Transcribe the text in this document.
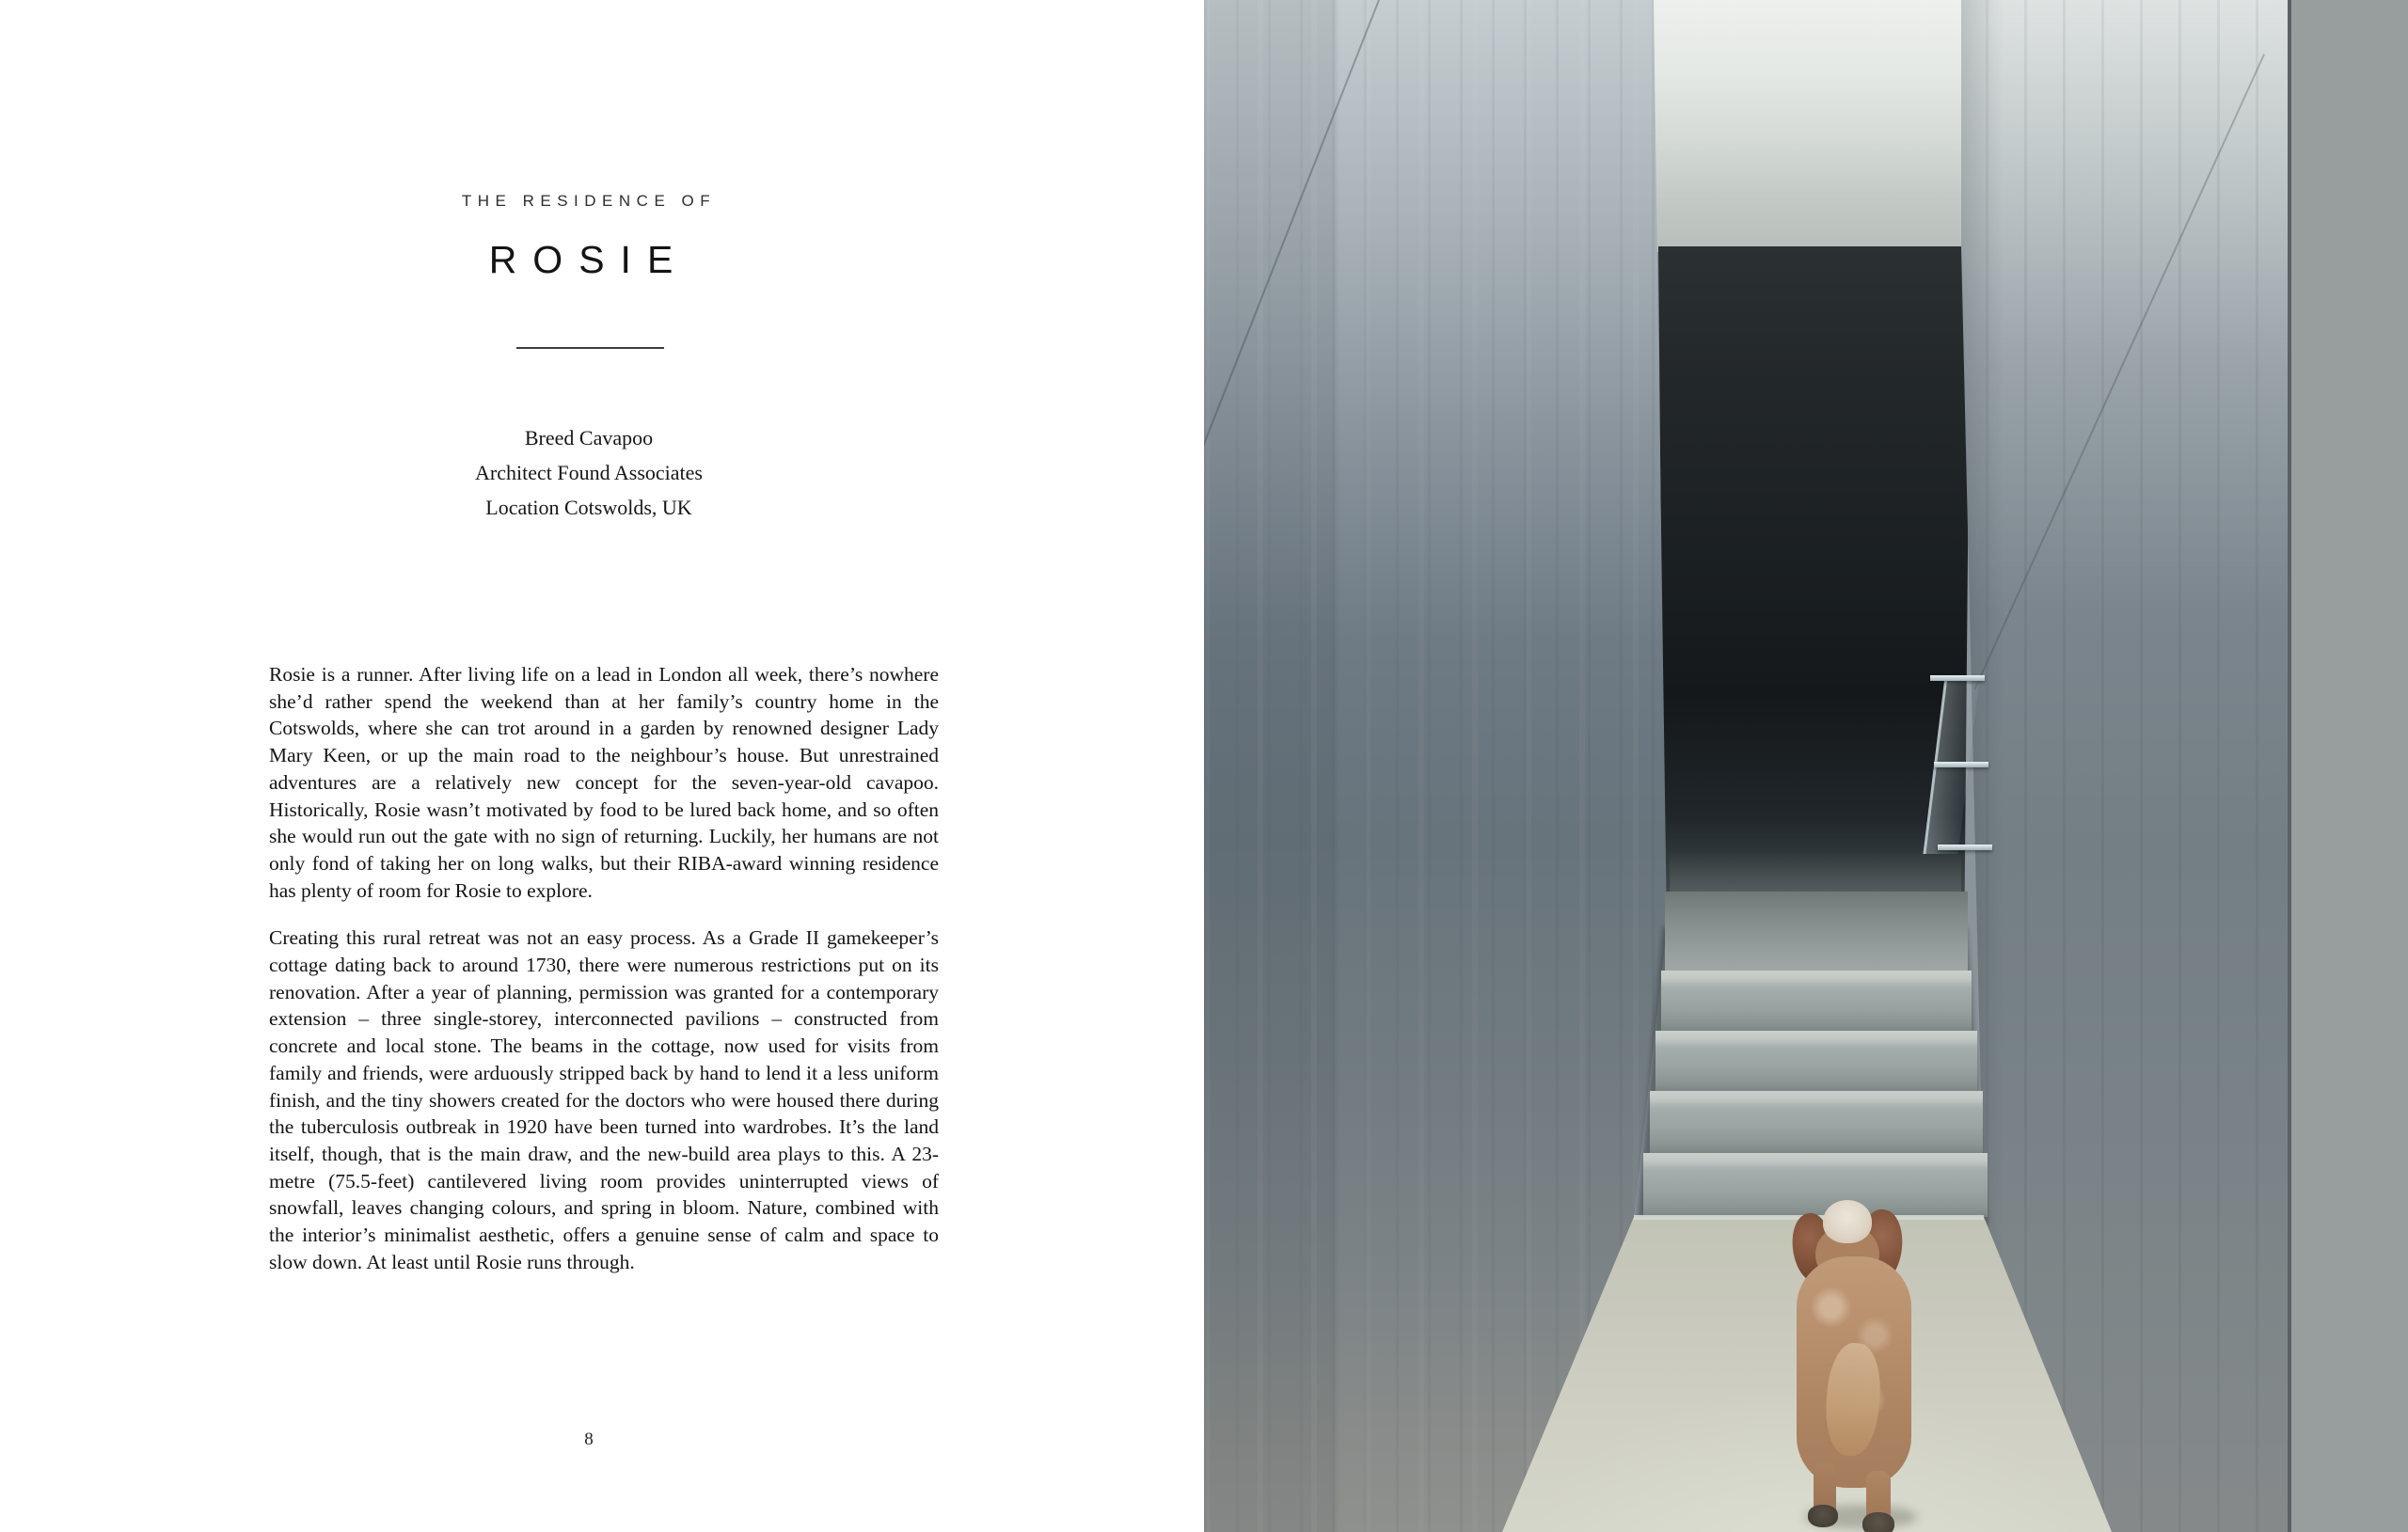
THE RESIDENCE OF
ROSIE
Breed Cavapoo
Architect Found Associates
Location Cotswolds, UK

Rosie is a runner. After living life on a lead in London all week, there’s nowhere she’d rather spend the weekend than at her family’s country home in the Cotswolds, where she can trot around in a garden by renowned designer Lady Mary Keen, or up the main road to the neighbour’s house. But unrestrained adventures are a relatively new concept for the seven-year-old cavapoo. Historically, Rosie wasn’t motivated by food to be lured back home, and so often she would run out the gate with no sign of returning. Luckily, her humans are not only fond of taking her on long walks, but their RIBA-award winning residence has plenty of room for Rosie to explore.

Creating this rural retreat was not an easy process. As a Grade II gamekeeper’s cottage dating back to around 1730, there were numerous restrictions put on its renovation. After a year of planning, permission was granted for a contemporary extension – three single-storey, interconnected pavilions – constructed from concrete and local stone. The beams in the cottage, now used for visits from family and friends, were arduously stripped back by hand to lend it a less uniform finish, and the tiny showers created for the doctors who were housed there during the tuberculosis outbreak in 1920 have been turned into wardrobes. It’s the land itself, though, that is the main draw, and the new-build area plays to this. A 23-metre (75.5-feet) cantilevered living room provides uninterrupted views of snowfall, leaves changing colours, and spring in bloom. Nature, combined with the interior’s minimalist aesthetic, offers a genuine sense of calm and space to slow down. At least until Rosie runs through.

8
